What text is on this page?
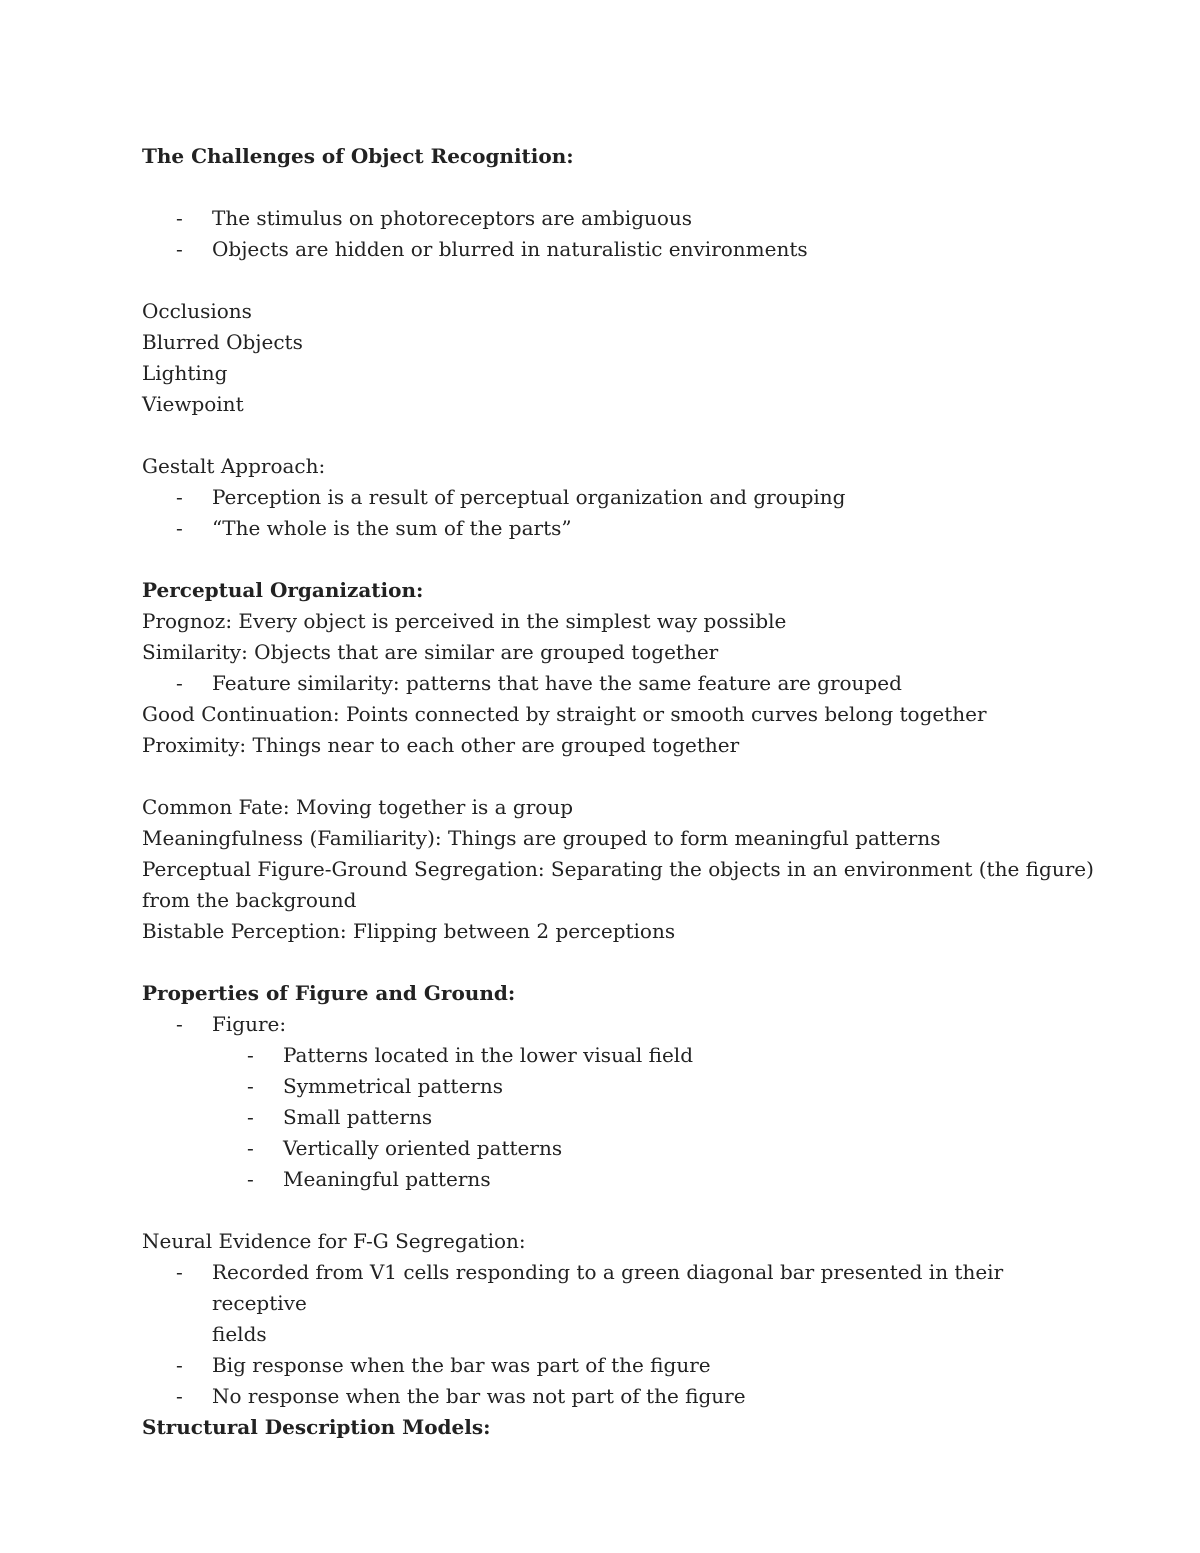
The Challenges of Object Recognition:
- The stimulus on photoreceptors are ambiguous
- Objects are hidden or blurred in naturalistic environments
Occlusions
Blurred Objects
Lighting
Viewpoint
Gestalt Approach:
- Perception is a result of perceptual organization and grouping
- “The whole is the sum of the parts”
Perceptual Organization:
Prognoz: Every object is perceived in the simplest way possible
Similarity: Objects that are similar are grouped together
- Feature similarity: patterns that have the same feature are grouped
Good Continuation: Points connected by straight or smooth curves belong together
Proximity: Things near to each other are grouped together
Common Fate: Moving together is a group
Meaningfulness (Familiarity): Things are grouped to form meaningful patterns
Perceptual Figure-Ground Segregation: Separating the objects in an environment (the figure)
from the background
Bistable Perception: Flipping between 2 perceptions
Properties of Figure and Ground:
- Figure:
- Patterns located in the lower visual field
- Symmetrical patterns
- Small patterns
- Vertically oriented patterns
- Meaningful patterns
Neural Evidence for F-G Segregation:
- Recorded from V1 cells responding to a green diagonal bar presented in their receptive
fields
- Big response when the bar was part of the figure
- No response when the bar was not part of the figure
Structural Description Models:
